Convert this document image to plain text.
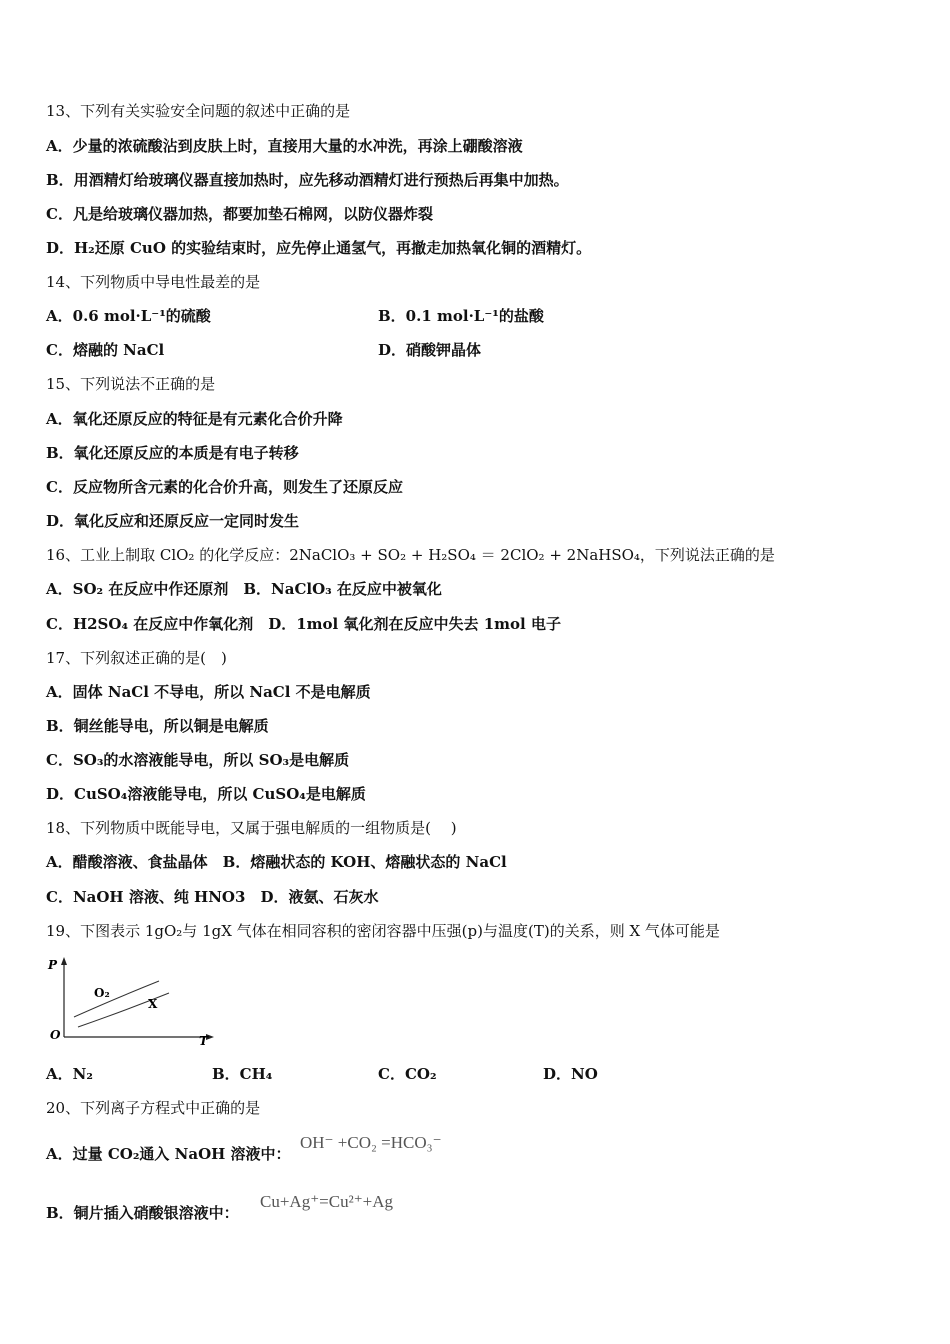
13、下列有关实验安全问题的叙述中正确的是
A．少量的浓硫酸沾到皮肤上时，直接用大量的水冲洗，再涂上硼酸溶液
B．用酒精灯给玻璃仪器直接加热时，应先移动酒精灯进行预热后再集中加热。
C．凡是给玻璃仪器加热，都要加垫石棉网，以防仪器炸裂
D．H₂还原 CuO 的实验结束时，应先停止通氢气，再撤走加热氧化铜的酒精灯。
14、下列物质中导电性最差的是
A．0.6 mol·L⁻¹的硫酸	B．0.1 mol·L⁻¹的盐酸
C．熔融的 NaCl	D．硝酸钾晶体
15、下列说法不正确的是
A．氧化还原反应的特征是有元素化合价升降
B．氧化还原反应的本质是有电子转移
C．反应物所含元素的化合价升高，则发生了还原反应
D．氧化反应和还原反应一定同时发生
16、工业上制取 ClO₂ 的化学反应：2NaClO₃ + SO₂ + H₂SO₄ ＝ 2ClO₂ + 2NaHSO₄，下列说法正确的是
A．SO₂ 在反应中作还原剂　B．NaClO₃ 在反应中被氧化
C．H2SO₄ 在反应中作氧化剂　D．1mol 氧化剂在反应中失去 1mol 电子
17、下列叙述正确的是(　)
A．固体 NaCl 不导电，所以 NaCl 不是电解质
B．铜丝能导电，所以铜是电解质
C．SO₃的水溶液能导电，所以 SO₃是电解质
D．CuSO₄溶液能导电，所以 CuSO₄是电解质
18、下列物质中既能导电，又属于强电解质的一组物质是(　 )
A．醋酸溶液、食盐晶体　B．熔融状态的 KOH、熔融状态的 NaCl
C．NaOH 溶液、纯 HNO3　D．液氨、石灰水
19、下图表示 1gO₂与 1gX 气体在相同容积的密闭容器中压强(p)与温度(T)的关系，则 X 气体可能是
P
T
O
O₂
X
A．N₂	B．CH₄	C．CO₂	D．NO
20、下列离子方程式中正确的是
A．过量 CO₂通入 NaOH 溶液中：
OH⁻ +CO₂ =HCO₃⁻
B．铜片插入硝酸银溶液中：
Cu+Ag⁺=Cu²⁺+Ag
